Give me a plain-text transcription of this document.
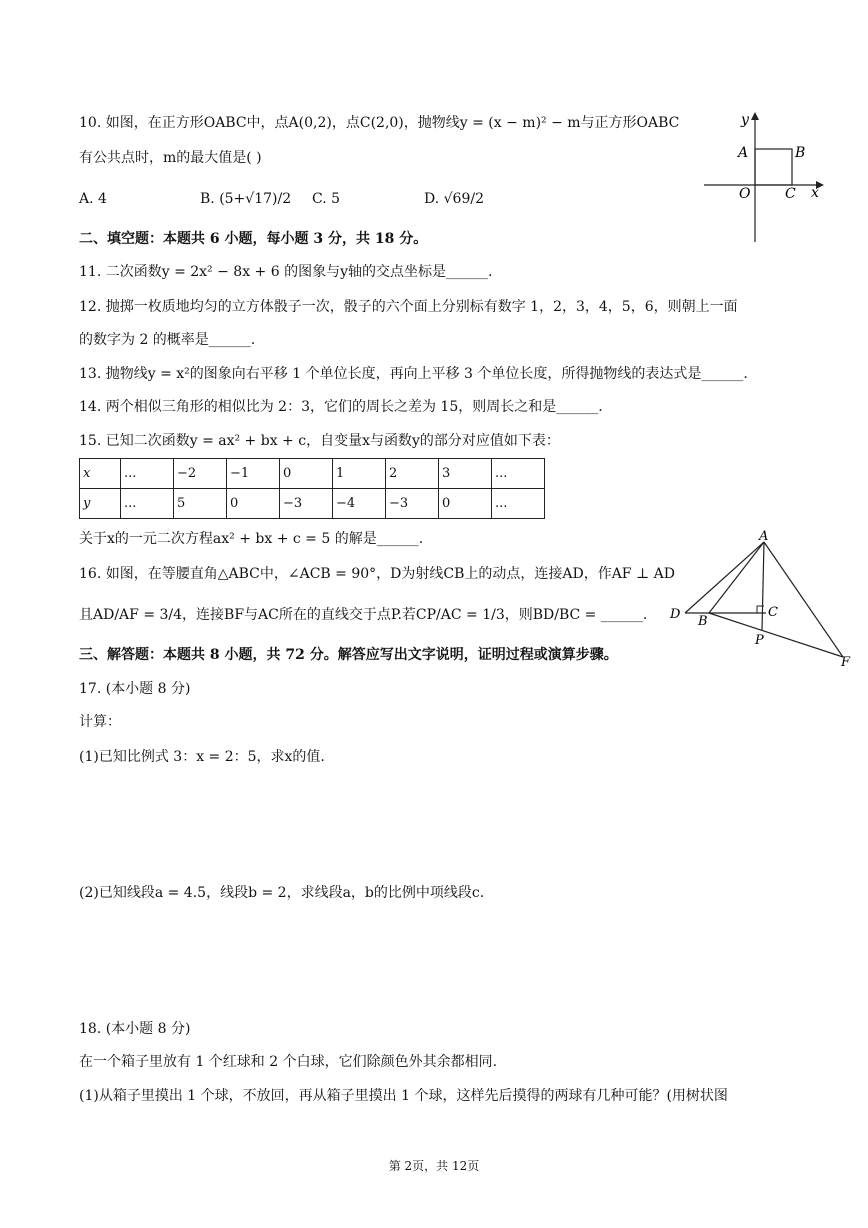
10. 如图，在正方形OABC中，点A(0,2)，点C(2,0)，抛物线y = (x − m)² − m与正方形OABC
有公共点时，m的最大值是( )
A. 4	B. (5+√17)/2 C. 5	D. √69/2
y
x
A	B
O C
二、填空题：本题共 6 小题，每小题 3 分，共 18 分。
11. 二次函数y = 2x² − 8x + 6 的图象与y轴的交点坐标是______.
12. 抛掷一枚质地均匀的立方体骰子一次，骰子的六个面上分别标有数字 1，2，3，4，5，6，则朝上一面
的数字为 2 的概率是______.
13. 抛物线y = x²的图象向右平移 1 个单位长度，再向上平移 3 个单位长度，所得抛物线的表达式是______.
14. 两个相似三角形的相似比为 2：3，它们的周长之差为 15，则周长之和是______.
15. 已知二次函数y = ax² + bx + c，自变量x与函数y的部分对应值如下表：
x	...	−2	−1	0	1	2	3	...
y	...	5	0	−3	−4	−3	0	...
关于x的一元二次方程ax² + bx + c = 5 的解是______.
16. 如图，在等腰直角△ABC中，∠ACB = 90°，D为射线CB上的动点，连接AD，作AF ⊥ AD
且AD/AF = 3/4，连接BF与AC所在的直线交于点P.若CP/AC = 1/3，则BD/BC = ______.
A
D B
C
P
F
三、解答题：本题共 8 小题，共 72 分。解答应写出文字说明，证明过程或演算步骤。
17. (本小题 8 分)
计算：
(1)已知比例式 3：x = 2：5，求x的值.
(2)已知线段a = 4.5，线段b = 2，求线段a，b的比例中项线段c.
18. (本小题 8 分)
在一个箱子里放有 1 个红球和 2 个白球，它们除颜色外其余都相同.
(1)从箱子里摸出 1 个球，不放回，再从箱子里摸出 1 个球，这样先后摸得的两球有几种可能？(用树状图
第 2页，共 12页
